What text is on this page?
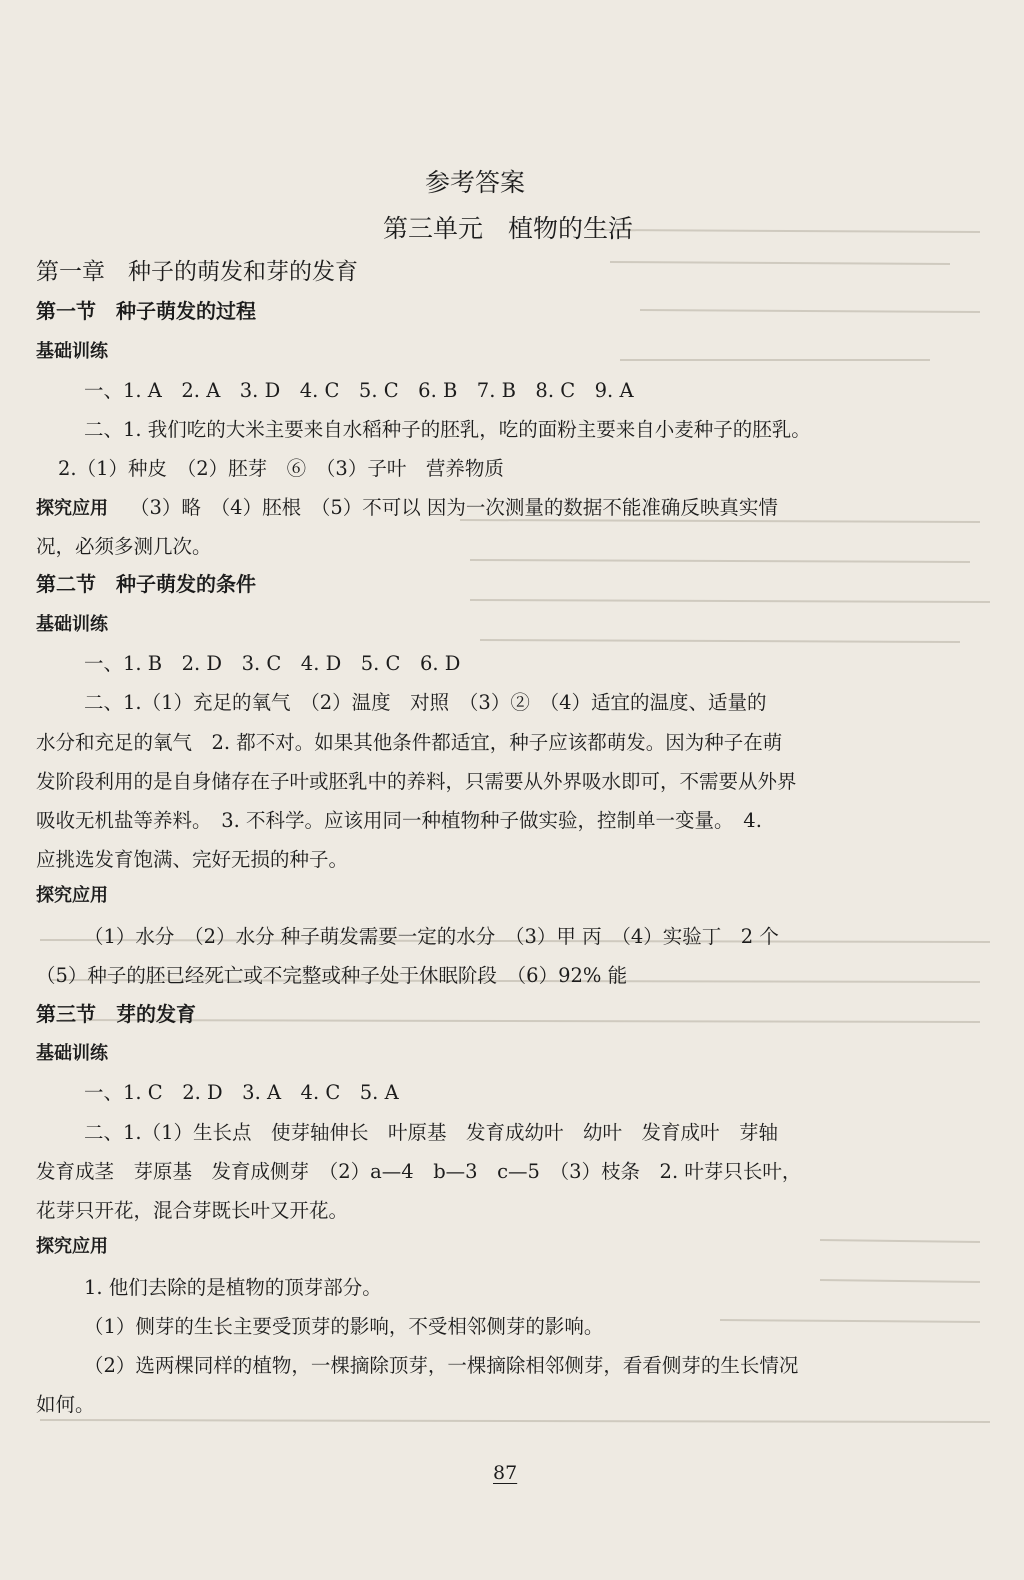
参考答案
第三单元　植物的生活
第一章　种子的萌发和芽的发育
第一节　种子萌发的过程
基础训练
一、1. A　2. A　3. D　4. C　5. C　6. B　7. B　8. C　9. A
二、1. 我们吃的大米主要来自水稻种子的胚乳，吃的面粉主要来自小麦种子的胚乳。
2.（1）种皮　（2）胚芽　⑥　（3）子叶　营养物质
探究应用 （3）略　（4）胚根　（5）不可以 因为一次测量的数据不能准确反映真实情
况，必须多测几次。
第二节　种子萌发的条件
基础训练
一、1. B　2. D　3. C　4. D　5. C　6. D
二、1.（1）充足的氧气　（2）温度　对照　（3）②　（4）适宜的温度、适量的
水分和充足的氧气　2. 都不对。如果其他条件都适宜，种子应该都萌发。因为种子在萌
发阶段利用的是自身储存在子叶或胚乳中的养料，只需要从外界吸水即可，不需要从外界
吸收无机盐等养料。　3. 不科学。应该用同一种植物种子做实验，控制单一变量。　4.
应挑选发育饱满、完好无损的种子。
探究应用
（1）水分　（2）水分 种子萌发需要一定的水分　（3）甲 丙　（4）实验丁　2 个
（5）种子的胚已经死亡或不完整或种子处于休眠阶段　（6）92% 能
第三节　芽的发育
基础训练
一、1. C　2. D　3. A　4. C　5. A
二、1.（1）生长点　使芽轴伸长　叶原基　发育成幼叶　幼叶　发育成叶　芽轴
发育成茎　芽原基　发育成侧芽　（2）a—4　b—3　c—5　（3）枝条　2. 叶芽只长叶，
花芽只开花，混合芽既长叶又开花。
探究应用
1. 他们去除的是植物的顶芽部分。
（1）侧芽的生长主要受顶芽的影响，不受相邻侧芽的影响。
（2）选两棵同样的植物，一棵摘除顶芽，一棵摘除相邻侧芽，看看侧芽的生长情况
如何。
87
